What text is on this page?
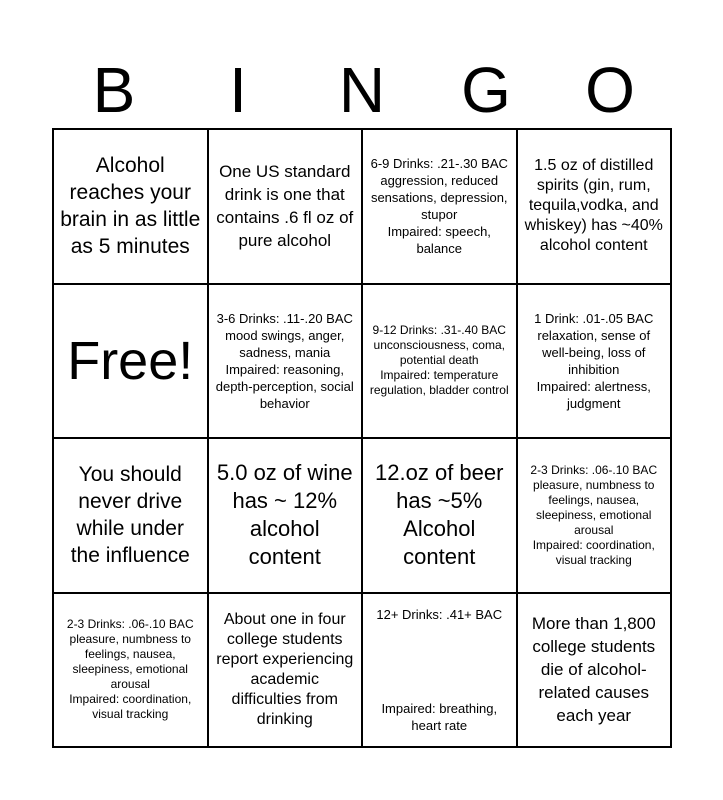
B	I	N	G	O
Alcohol reaches your brain in as little as 5 minutes
One US standard drink is one that contains .6 fl oz of pure alcohol
6-9 Drinks: .21-.30 BAC
aggression, reduced sensations, depression, stupor
Impaired: speech, balance
1.5 oz of distilled spirits (gin, rum, tequila,vodka, and whiskey) has ~40% alcohol content
Free!
3-6 Drinks: .11-.20 BAC
mood swings, anger, sadness, mania
Impaired: reasoning, depth-perception, social behavior
9-12 Drinks: .31-.40 BAC
unconsciousness, coma, potential death
Impaired: temperature regulation, bladder control
1 Drink: .01-.05 BAC
relaxation, sense of well-being, loss of inhibition
Impaired: alertness, judgment
You should never drive while under the influence
5.0 oz of wine has ~ 12% alcohol content
12.oz of beer has ~5% Alcohol content
2-3 Drinks: .06-.10 BAC
pleasure, numbness to feelings, nausea, sleepiness, emotional arousal
Impaired: coordination, visual tracking
2-3 Drinks: .06-.10 BAC
pleasure, numbness to feelings, nausea, sleepiness, emotional arousal
Impaired: coordination, visual tracking
About one in four college students report experiencing academic difficulties from drinking
12+ Drinks: .41+ BAC
Impaired: breathing, heart rate
More than 1,800 college students die of alcohol-related causes each year
